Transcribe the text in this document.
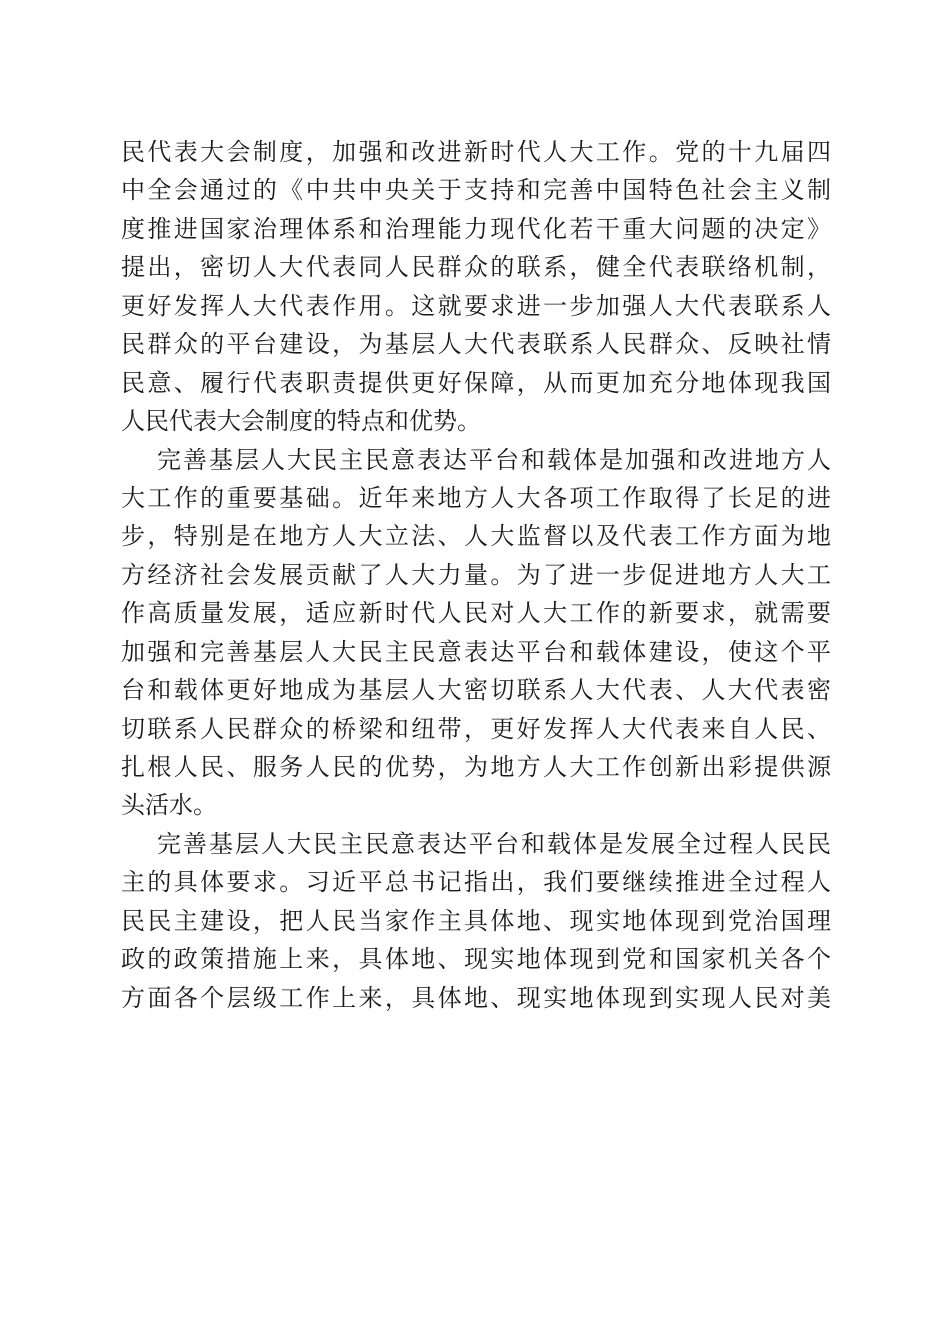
民代表大会制度，加强和改进新时代人大工作。党的十九届四
中全会通过的《中共中央关于支持和完善中国特色社会主义制
度推进国家治理体系和治理能力现代化若干重大问题的决定》
提出，密切人大代表同人民群众的联系，健全代表联络机制，
更好发挥人大代表作用。这就要求进一步加强人大代表联系人
民群众的平台建设，为基层人大代表联系人民群众、反映社情
民意、履行代表职责提供更好保障，从而更加充分地体现我国
人民代表大会制度的特点和优势。
完善基层人大民主民意表达平台和载体是加强和改进地方人
大工作的重要基础。近年来地方人大各项工作取得了长足的进
步，特别是在地方人大立法、人大监督以及代表工作方面为地
方经济社会发展贡献了人大力量。为了进一步促进地方人大工
作高质量发展，适应新时代人民对人大工作的新要求，就需要
加强和完善基层人大民主民意表达平台和载体建设，使这个平
台和载体更好地成为基层人大密切联系人大代表、人大代表密
切联系人民群众的桥梁和纽带，更好发挥人大代表来自人民、
扎根人民、服务人民的优势，为地方人大工作创新出彩提供源
头活水。
完善基层人大民主民意表达平台和载体是发展全过程人民民
主的具体要求。习近平总书记指出，我们要继续推进全过程人
民民主建设，把人民当家作主具体地、现实地体现到党治国理
政的政策措施上来，具体地、现实地体现到党和国家机关各个
方面各个层级工作上来，具体地、现实地体现到实现人民对美
